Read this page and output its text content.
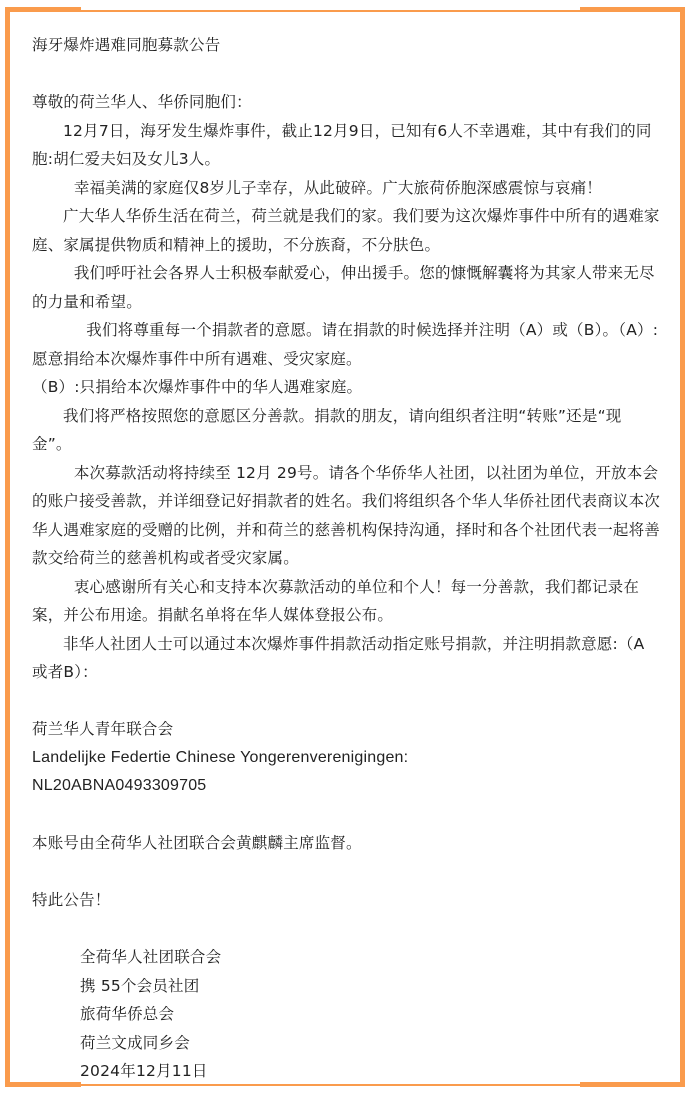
海牙爆炸遇难同胞募款公告

尊敬的荷兰华人、华侨同胞们：

12月7日，海牙发生爆炸事件，截止12月9日，已知有6人不幸遇难，其中有我们的同胞:胡仁爱夫妇及女儿3人。

幸福美满的家庭仅8岁儿子幸存，从此破碎。广大旅荷侨胞深感震惊与哀痛！

广大华人华侨生活在荷兰，荷兰就是我们的家。我们要为这次爆炸事件中所有的遇难家庭、家属提供物质和精神上的援助，不分族裔，不分肤色。

我们呼吁社会各界人士积极奉献爱心，伸出援手。您的慷慨解囊将为其家人带来无尽的力量和希望。

我们将尊重每一个捐款者的意愿。请在捐款的时候选择并注明（A）或（B）。（A）:愿意捐给本次爆炸事件中所有遇难、受灾家庭。

（B）:只捐给本次爆炸事件中的华人遇难家庭。

我们将严格按照您的意愿区分善款。捐款的朋友，请向组织者注明“转账”还是“现金”。

本次募款活动将持续至 12月 29号。请各个华侨华人社团，以社团为单位，开放本会的账户接受善款，并详细登记好捐款者的姓名。我们将组织各个华人华侨社团代表商议本次华人遇难家庭的受赠的比例，并和荷兰的慈善机构保持沟通，择时和各个社团代表一起将善款交给荷兰的慈善机构或者受灾家属。

衷心感谢所有关心和支持本次募款活动的单位和个人！每一分善款，我们都记录在案，并公布用途。捐献名单将在华人媒体登报公布。

非华人社团人士可以通过本次爆炸事件捐款活动指定账号捐款，并注明捐款意愿:（A或者B）：

荷兰华人青年联合会

Landelijke Federtie Chinese Yongerenverenigingen:

NL20ABNA0493309705

本账号由全荷华人社团联合会黄麒麟主席监督。

特此公告！

全荷华人社团联合会

携 55个会员社团

旅荷华侨总会

荷兰文成同乡会

2024年12月11日
